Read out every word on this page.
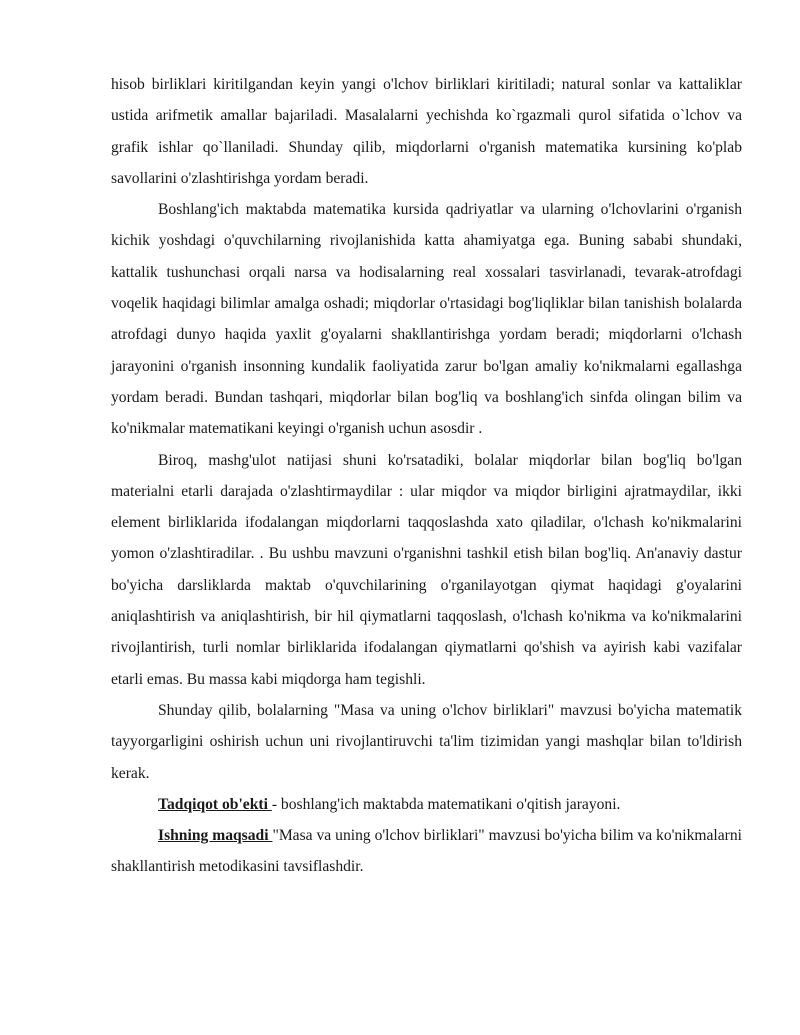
hisob birliklari kiritilgandan keyin yangi o'lchov birliklari kiritiladi; natural sonlar va kattaliklar ustida arifmetik amallar bajariladi. Masalalarni yechishda ko`rgazmali qurol sifatida o`lchov va grafik ishlar qo`llaniladi. Shunday qilib, miqdorlarni o'rganish matematika kursining ko'plab savollarini o'zlashtirishga yordam beradi.

Boshlang'ich maktabda matematika kursida qadriyatlar va ularning o'lchovlarini o'rganish kichik yoshdagi o'quvchilarning rivojlanishida katta ahamiyatga ega. Buning sababi shundaki, kattalik tushunchasi orqali narsa va hodisalarning real xossalari tasvirlanadi, tevarak-atrofdagi voqelik haqidagi bilimlar amalga oshadi; miqdorlar o'rtasidagi bog'liqliklar bilan tanishish bolalarda atrofdagi dunyo haqida yaxlit g'oyalarni shakllantirishga yordam beradi; miqdorlarni o'lchash jarayonini o'rganish insonning kundalik faoliyatida zarur bo'lgan amaliy ko'nikmalarni egallashga yordam beradi. Bundan tashqari, miqdorlar bilan bog'liq va boshlang'ich sinfda olingan bilim va ko'nikmalar matematikani keyingi o'rganish uchun asosdir .

Biroq, mashg'ulot natijasi shuni ko'rsatadiki, bolalar miqdorlar bilan bog'liq bo'lgan materialni etarli darajada o'zlashtirmaydilar : ular miqdor va miqdor birligini ajratmaydilar, ikki element birliklarida ifodalangan miqdorlarni taqqoslashda xato qiladilar, o'lchash ko'nikmalarini yomon o'zlashtiradilar. . Bu ushbu mavzuni o'rganishni tashkil etish bilan bog'liq. An'anaviy dastur bo'yicha darsliklarda maktab o'quvchilarining o'rganilayotgan qiymat haqidagi g'oyalarini aniqlashtirish va aniqlashtirish, bir hil qiymatlarni taqqoslash, o'lchash ko'nikma va ko'nikmalarini rivojlantirish, turli nomlar birliklarida ifodalangan qiymatlarni qo'shish va ayirish kabi vazifalar etarli emas. Bu massa kabi miqdorga ham tegishli.

Shunday qilib, bolalarning "Masa va uning o'lchov birliklari" mavzusi bo'yicha matematik tayyorgarligini oshirish uchun uni rivojlantiruvchi ta'lim tizimidan yangi mashqlar bilan to'ldirish kerak.

Tadqiqot ob'ekti - boshlang'ich maktabda matematikani o'qitish jarayoni.

Ishning maqsadi "Masa va uning o'lchov birliklari" mavzusi bo'yicha bilim va ko'nikmalarni shakllantirish metodikasini tavsiflashdir.
